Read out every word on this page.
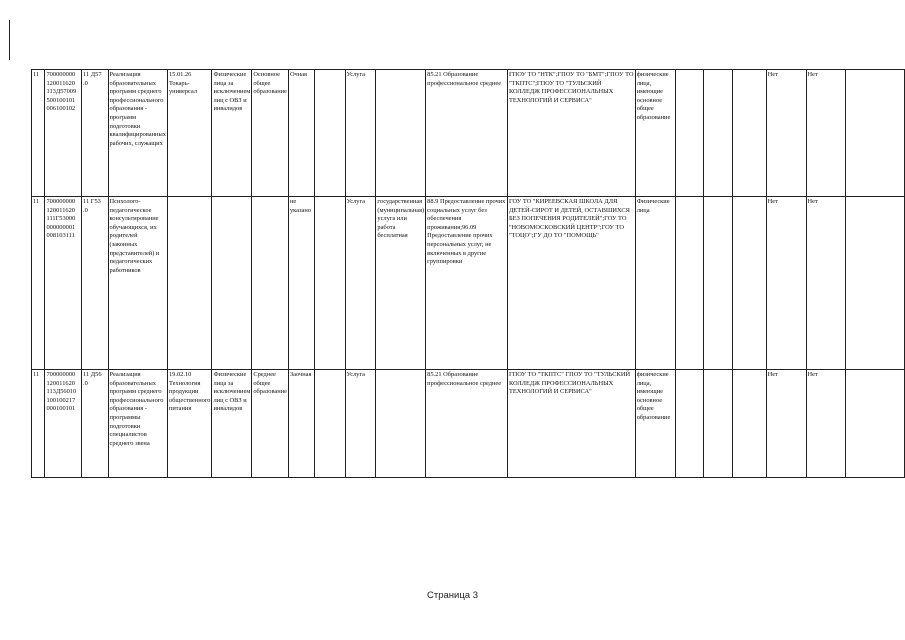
11	700000000 120011620 113Д57009 500100101 006100102	11 Д57 .0	Реализация образовательных программ среднего профессионального образования - программ подготовки квалифицированных рабочих, служащих	15.01.26 Токарь-универсал	Физические лица за исключением лиц с ОВЗ и инвалидов	Основное общее образование	Очная		Услуга		85.21 Образование профессиональное среднее	ГПОУ ТО "НТК";ГПОУ ТО "БМТ";ГПОУ ТО "ТКПТС";ГПОУ ТО "ТУЛЬСКИЙ КОЛЛЕДЖ ПРОФЕССИОНАЛЬНЫХ ТЕХНОЛОГИЙ И СЕРВИСА"	физические лица, имеющие основное общее образование				Нет	Нет	
11	700000000 120011620 111Г53000 000000001 008103111	11 Г53 .0	Психолого-педагогическое консультирование обучающихся, их родителей (законных представителей) и педагогических работников				не указано		Услуга	государственная (муниципальная) услуга или работа бесплатная	88.9 Предоставление прочих социальных услуг без обеспечения проживания;96.09 Предоставление прочих персональных услуг, не включенных в другие группировки	ГОУ ТО "КИРЕЕВСКАЯ ШКОЛА ДЛЯ ДЕТЕЙ-СИРОТ И ДЕТЕЙ, ОСТАВШИХСЯ БЕЗ ПОПЕЧЕНИЯ РОДИТЕЛЕЙ";ГОУ ТО "НОВОМОСКОВСКИЙ ЦЕНТР";ГОУ ТО "ТОЦО";ГУ ДО ТО "ПОМОЩЬ"	Физические лица				Нет	Нет	
11	700000000 120011620 113Д56010 100100217 000100101	11 Д56 .0	Реализация образовательных программ среднего профессионального образования - программы подготовки специалистов среднего звена	19.02.10 Технология продукции общественного питания	Физические лица за исключением лиц с ОВЗ и инвалидов	Среднее общее образование	Заочная		Услуга		85.21 Образование профессиональное среднее	ГПОУ ТО "ТКПТС" ГПОУ ТО "ТУЛЬСКИЙ КОЛЛЕДЖ ПРОФЕССИОНАЛЬНЫХ ТЕХНОЛОГИЙ И СЕРВИСА"	физические лица, имеющие основное общее образование				Нет	Нет	
Страница 3
